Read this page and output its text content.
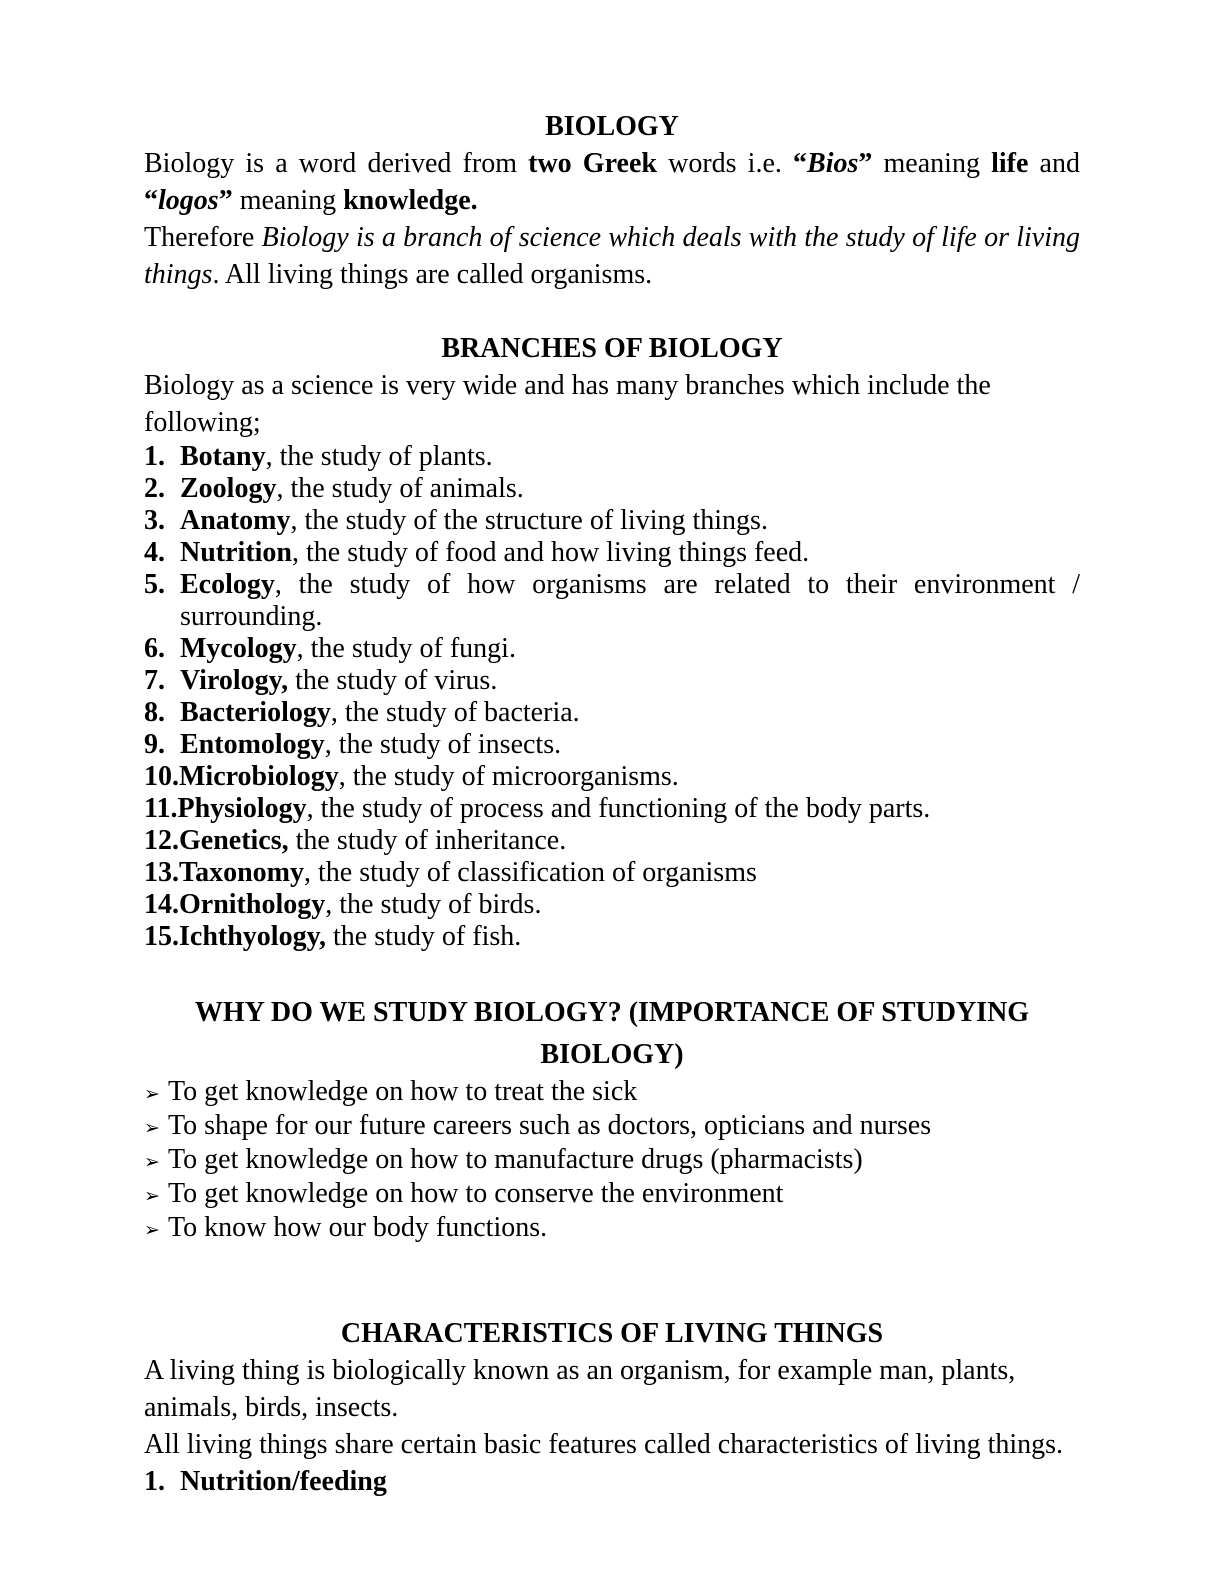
BIOLOGY

Biology is a word derived from two Greek words i.e. “Bios” meaning life and “logos” meaning knowledge.

Therefore Biology is a branch of science which deals with the study of life or living things. All living things are called organisms.

BRANCHES OF BIOLOGY

Biology as a science is very wide and has many branches which include the following;

1. Botany, the study of plants.
2. Zoology, the study of animals.
3. Anatomy, the study of the structure of living things.
4. Nutrition, the study of food and how living things feed.
5. Ecology, the study of how organisms are related to their environment /
surrounding.
6. Mycology, the study of fungi.
7. Virology, the study of virus.
8. Bacteriology, the study of bacteria.
9. Entomology, the study of insects.
10.Microbiology, the study of microorganisms.
11.Physiology, the study of process and functioning of the body parts.
12.Genetics, the study of inheritance.
13.Taxonomy, the study of classification of organisms
14.Ornithology, the study of birds.
15.Ichthyology, the study of fish.

WHY DO WE STUDY BIOLOGY? (IMPORTANCE OF STUDYING
BIOLOGY)

➢ To get knowledge on how to treat the sick
➢ To shape for our future careers such as doctors, opticians and nurses
➢ To get knowledge on how to manufacture drugs (pharmacists)
➢ To get knowledge on how to conserve the environment
➢ To know how our body functions.

CHARACTERISTICS OF LIVING THINGS

A living thing is biologically known as an organism, for example man, plants, animals, birds, insects.

All living things share certain basic features called characteristics of living things.

1. Nutrition/feeding
